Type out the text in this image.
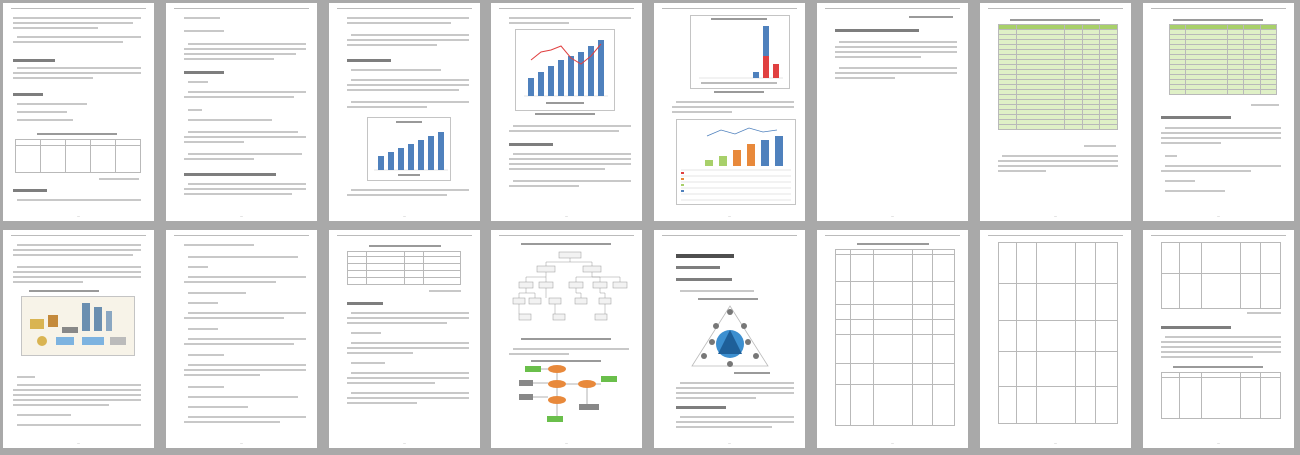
—	—	—	—	—	—

					—

					—
—	—

				—	—	—

					—

					—

					—
